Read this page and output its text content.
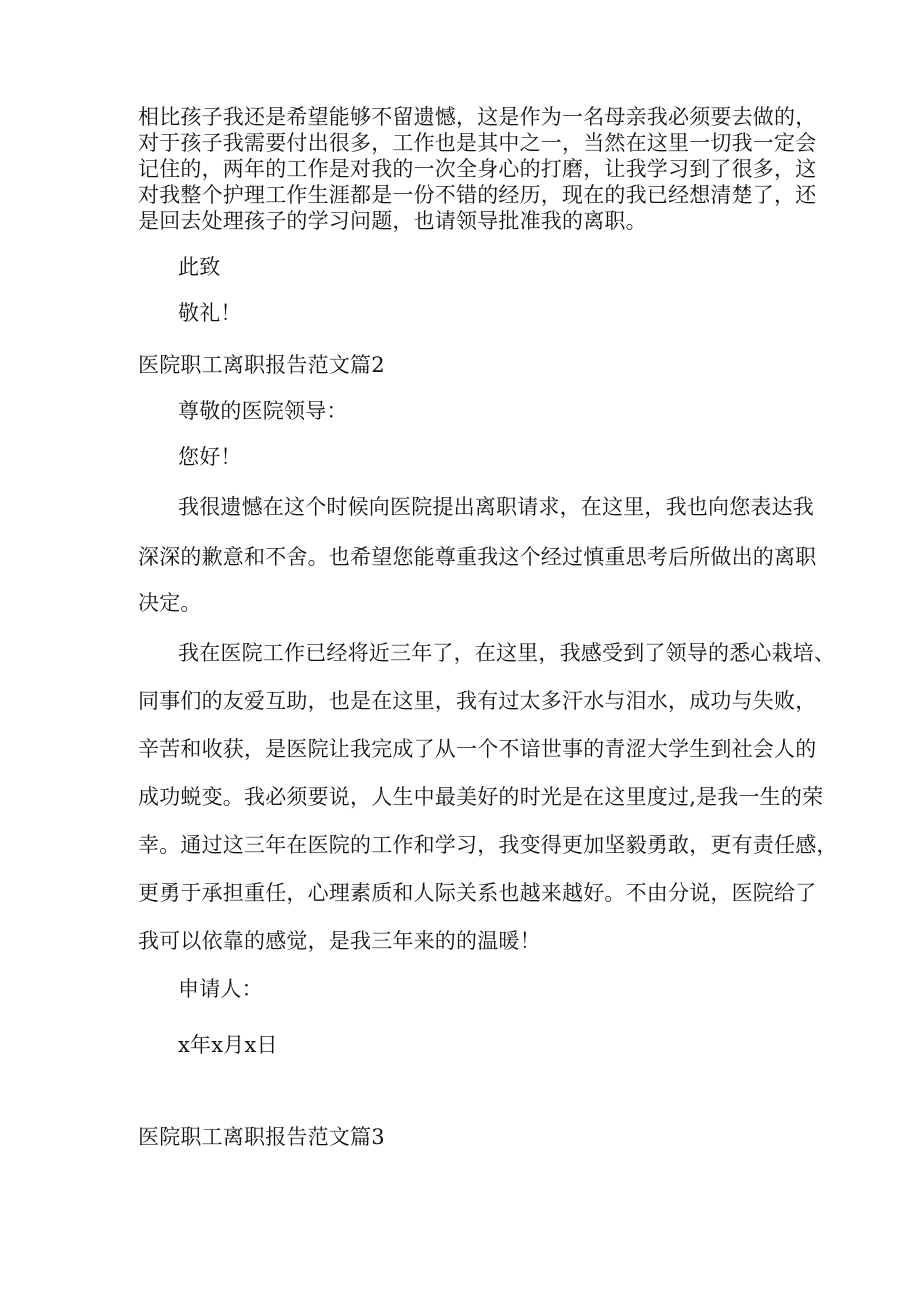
相比孩子我还是希望能够不留遗憾，这是作为一名母亲我必须要去做的，
对于孩子我需要付出很多，工作也是其中之一，当然在这里一切我一定会
记住的，两年的工作是对我的一次全身心的打磨，让我学习到了很多，这
对我整个护理工作生涯都是一份不错的经历，现在的我已经想清楚了，还
是回去处理孩子的学习问题，也请领导批准我的离职。
此致
敬礼！
医院职工离职报告范文篇2
尊敬的医院领导：
您好！
我很遗憾在这个时候向医院提出离职请求，在这里，我也向您表达我
深深的歉意和不舍。也希望您能尊重我这个经过慎重思考后所做出的离职
决定。
我在医院工作已经将近三年了，在这里，我感受到了领导的悉心栽培、
同事们的友爱互助，也是在这里，我有过太多汗水与泪水，成功与失败，
辛苦和收获，是医院让我完成了从一个不谙世事的青涩大学生到社会人的
成功蜕变。我必须要说，人生中最美好的时光是在这里度过,是我一生的荣
幸。通过这三年在医院的工作和学习，我变得更加坚毅勇敢，更有责任感，
更勇于承担重任，心理素质和人际关系也越来越好。不由分说，医院给了
我可以依靠的感觉，是我三年来的的温暖！
申请人：
x年x月x日
医院职工离职报告范文篇3
